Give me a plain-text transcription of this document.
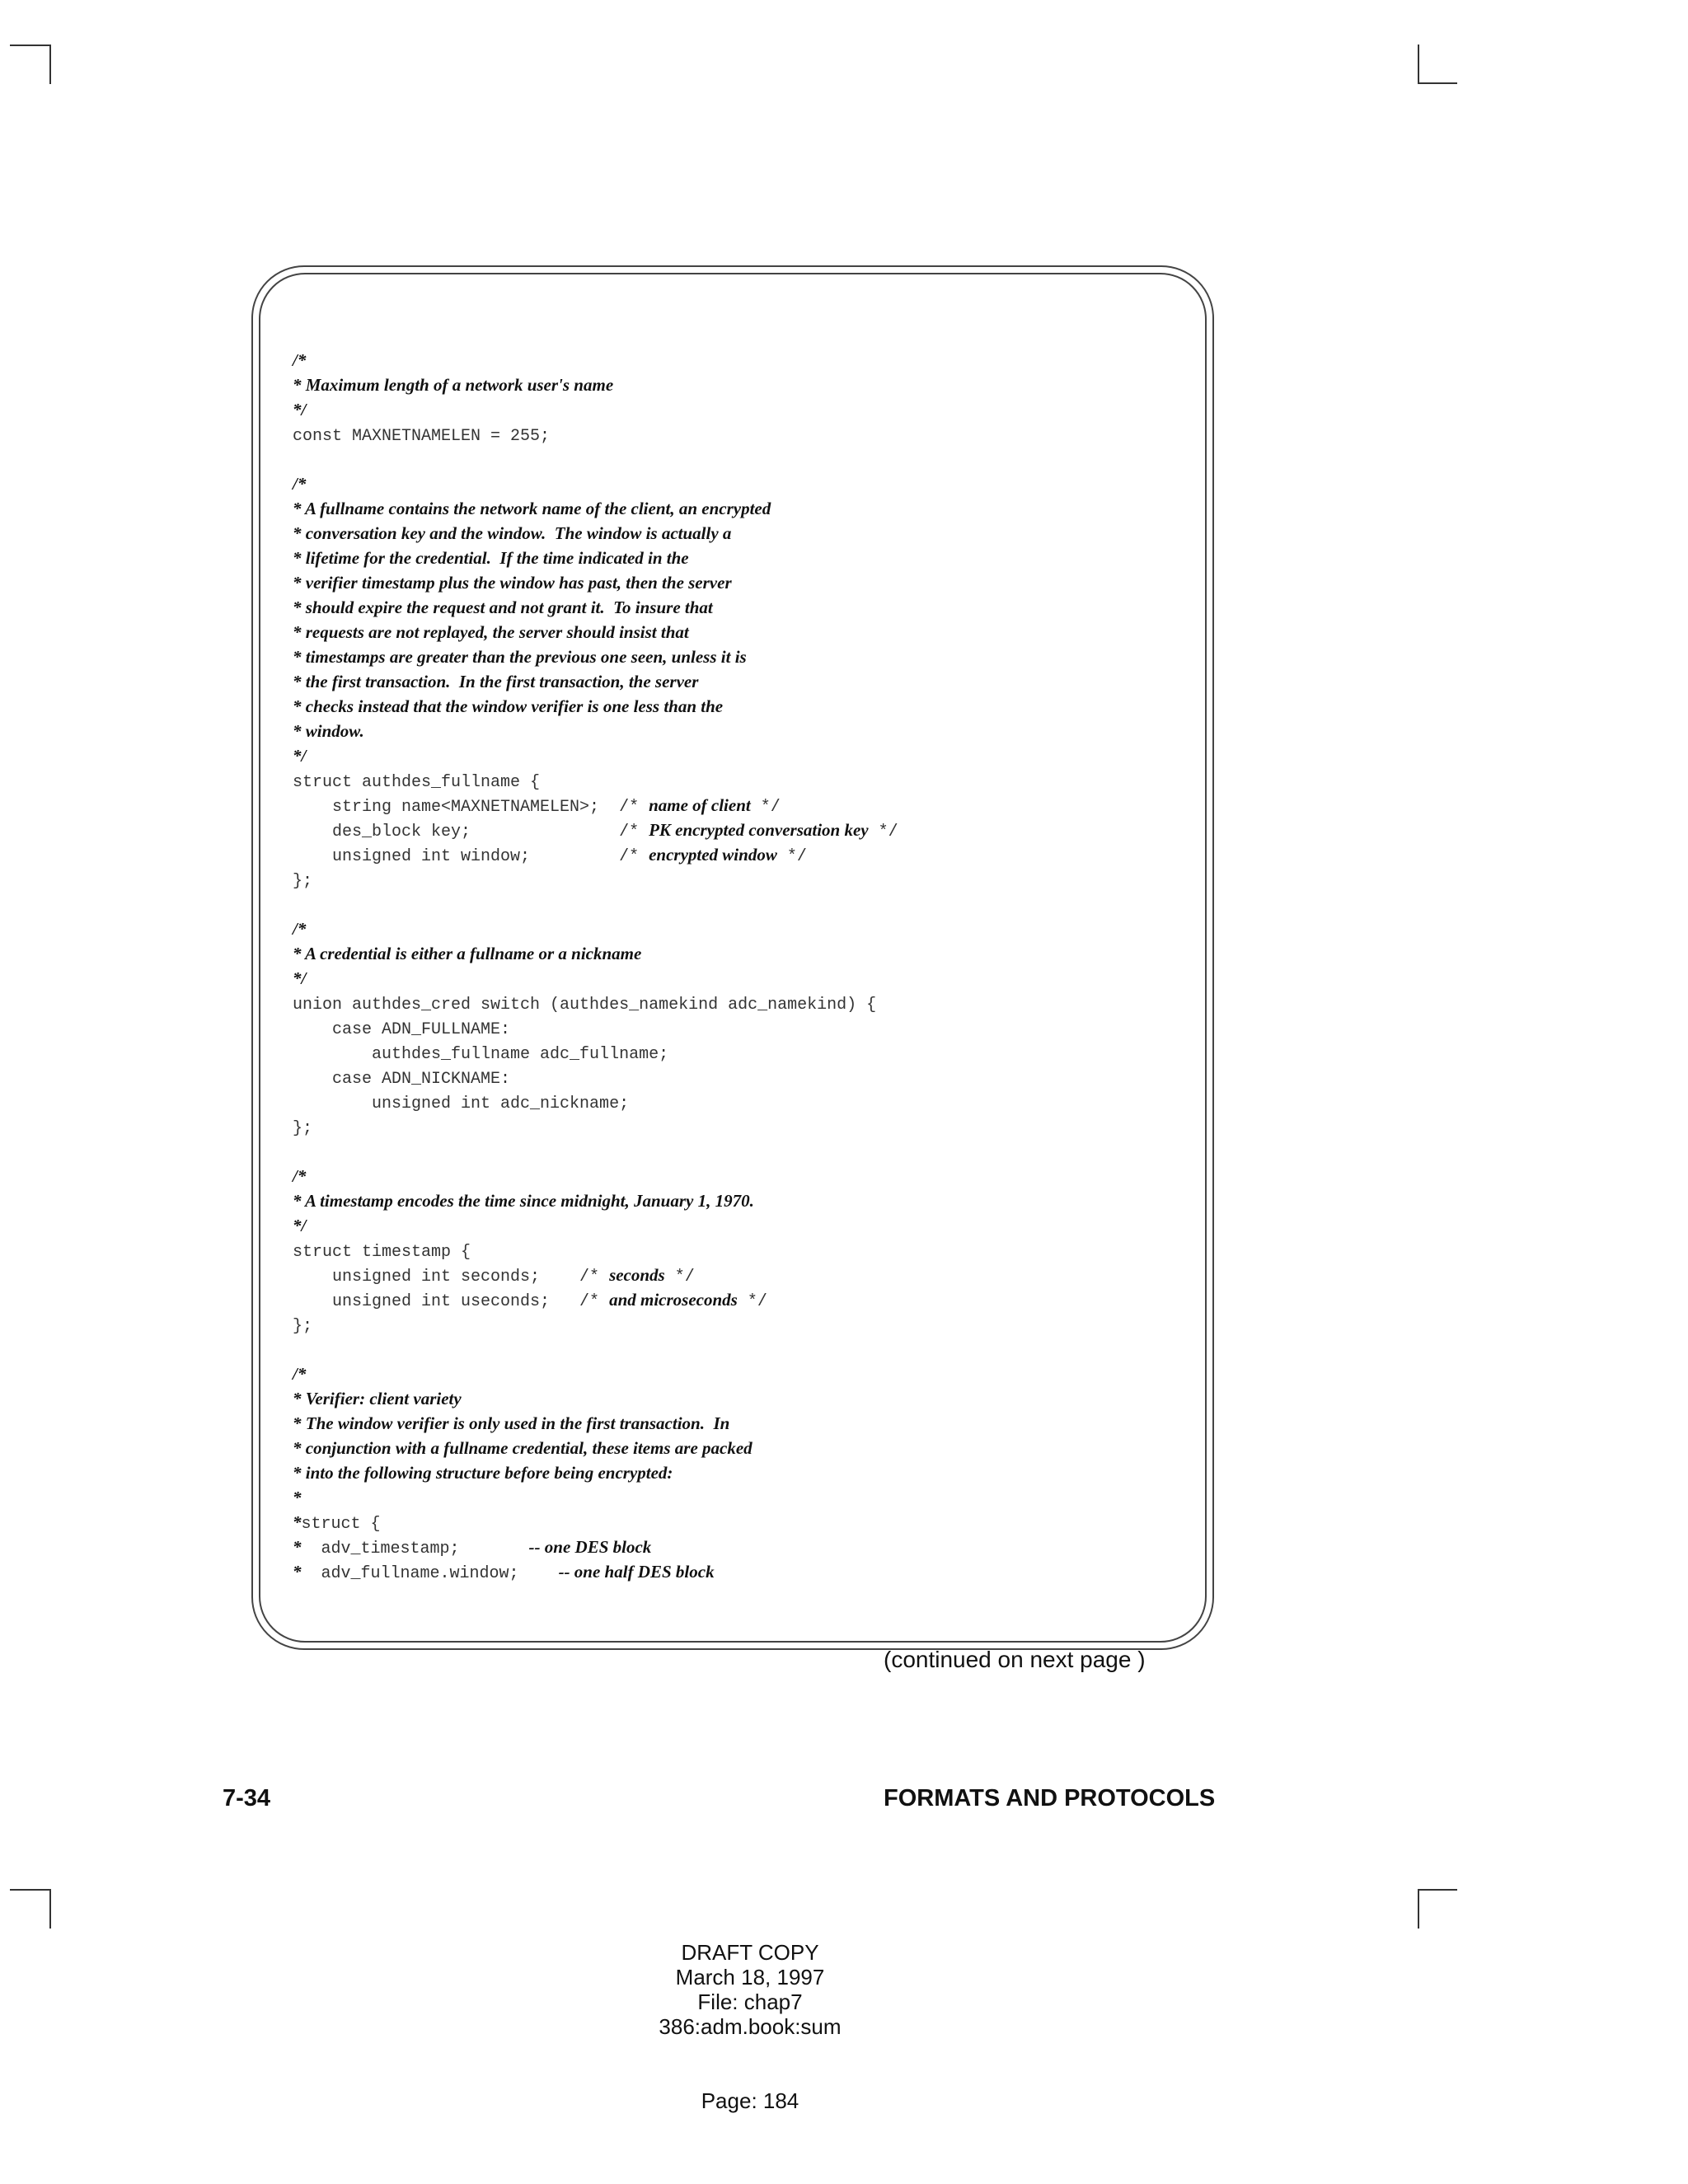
/*
* Maximum length of a network user's name
*/
const MAXNETNAMELEN = 255;
/*
* A fullname contains the network name of the client, an encrypted
* conversation key and the window.  The window is actually a
* lifetime for the credential.  If the time indicated in the
* verifier timestamp plus the window has past, then the server
* should expire the request and not grant it.  To insure that
* requests are not replayed, the server should insist that
* timestamps are greater than the previous one seen, unless it is
* the first transaction.  In the first transaction, the server
* checks instead that the window verifier is one less than the
* window.
*/
struct authdes_fullname {
string name<MAXNETNAMELEN>;  /* name of client */
des_block key;               /* PK encrypted conversation key */
unsigned int window;         /* encrypted window */
};
/*
* A credential is either a fullname or a nickname
*/
union authdes_cred switch (authdes_namekind adc_namekind) {
case ADN_FULLNAME:
authdes_fullname adc_fullname;
case ADN_NICKNAME:
unsigned int adc_nickname;
};
/*
* A timestamp encodes the time since midnight, January 1, 1970.
*/
struct timestamp {
unsigned int seconds;    /* seconds */
unsigned int useconds;   /* and microseconds */
};
/*
* Verifier: client variety
* The window verifier is only used in the first transaction.  In
* conjunction with a fullname credential, these items are packed
* into the following structure before being encrypted:
*
*struct {
*  adv_timestamp;       -- one DES block
*  adv_fullname.window;    -- one half DES block
(continued on next page )
7-34	FORMATS AND PROTOCOLS
DRAFT COPY
March 18, 1997
File: chap7
386:adm.book:sum
Page: 184
